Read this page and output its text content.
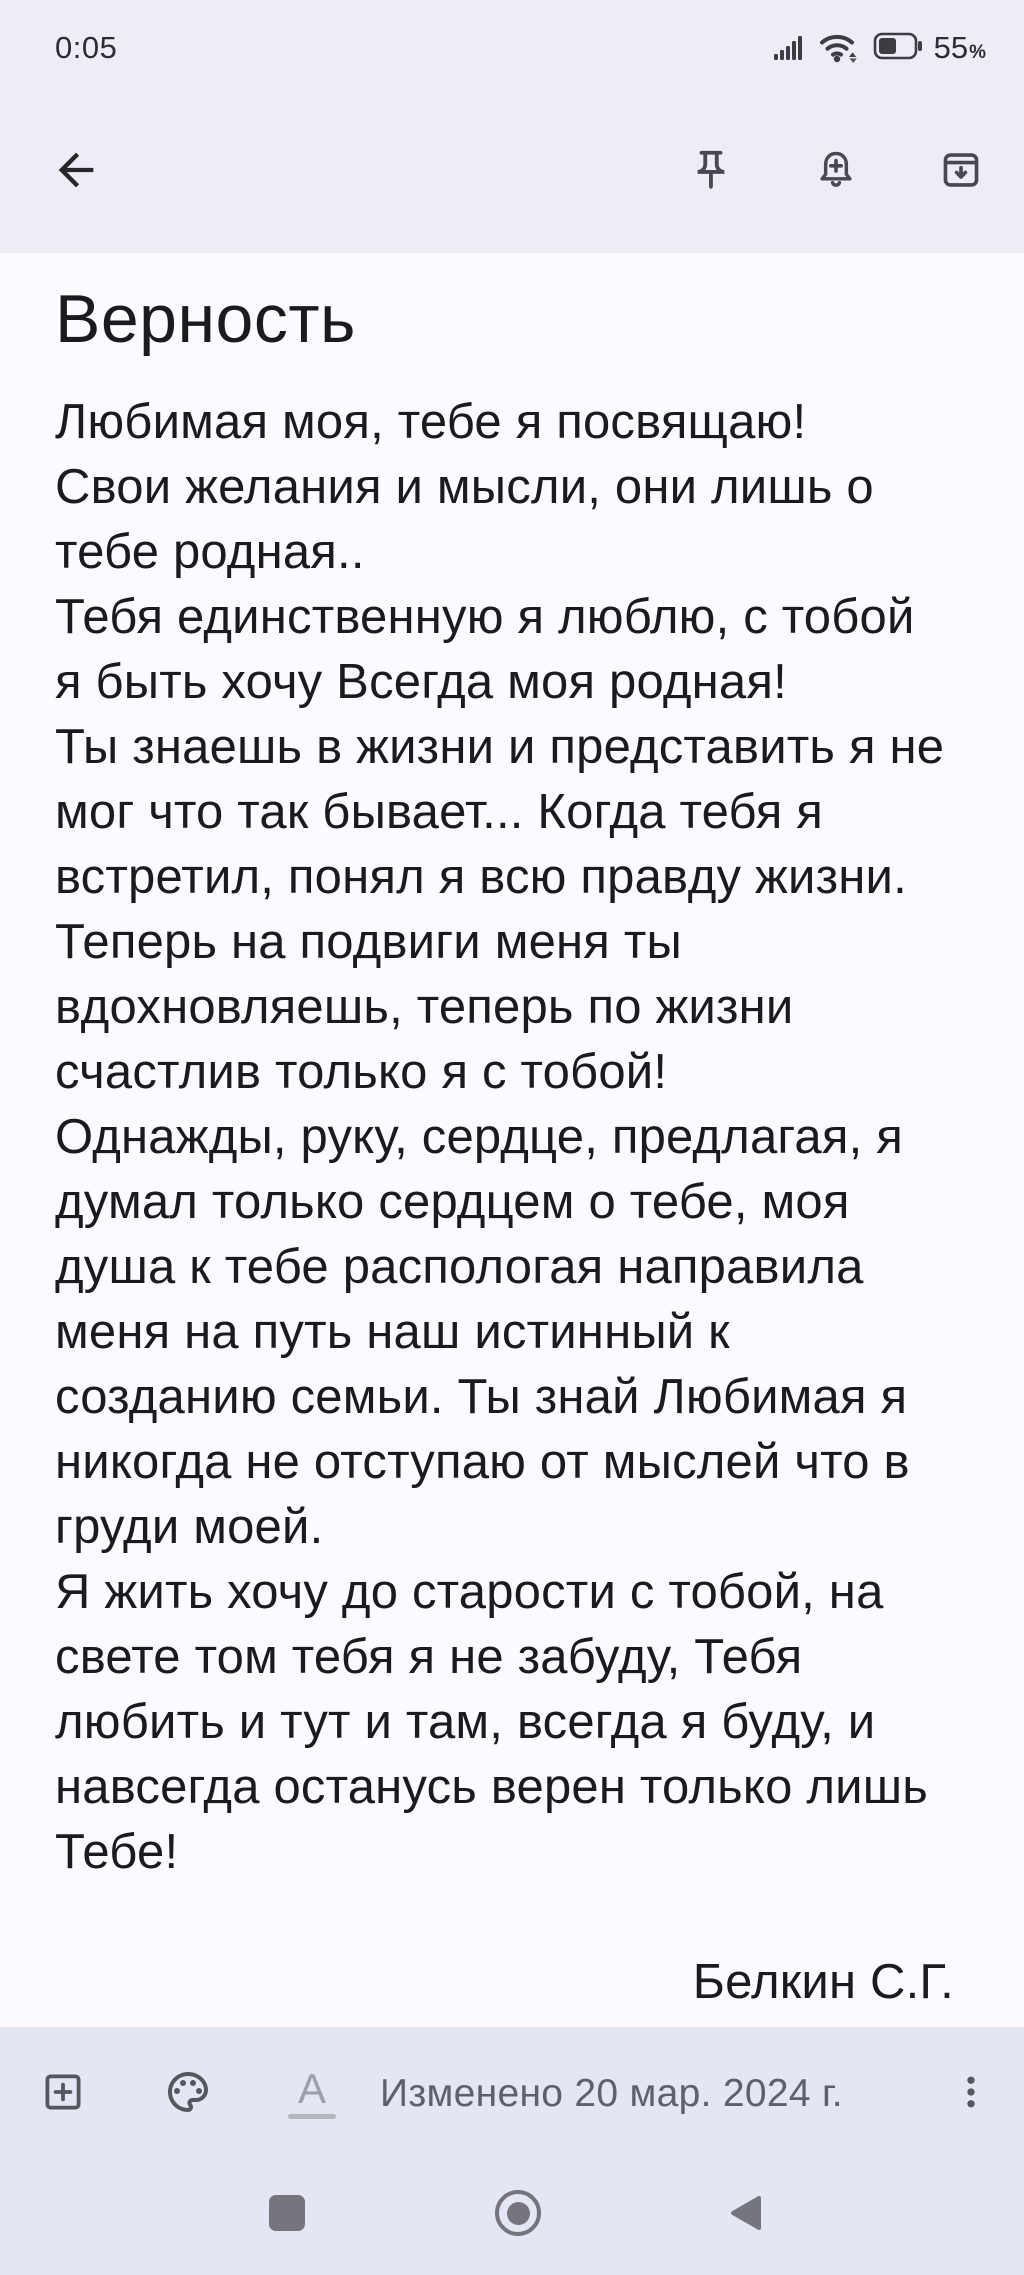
0:05	55 %
Верность
Любимая моя, тебе я посвящаю!
Свои желания и мысли, они лишь о
тебе родная..
Тебя единственную я люблю, с тобой
я быть хочу Всегда моя родная!
Ты знаешь в жизни и представить я не
мог что так бывает... Когда тебя я
встретил, понял я всю правду жизни.
Теперь на подвиги меня ты
вдохновляешь, теперь по жизни
счастлив только я с тобой!
Однажды, руку, сердце, предлагая, я
думал только сердцем о тебе, моя
душа к тебе распологая направила
меня на путь наш истинный к
созданию семьи. Ты знай Любимая я
никогда не отступаю от мыслей что в
груди моей.
Я жить хочу до старости с тобой, на
свете том тебя я не забуду, Тебя
любить и тут и там, всегда я буду, и
навсегда останусь верен только лишь
Тебе!
Белкин С.Г.
A Изменено 20 мар. 2024 г.
